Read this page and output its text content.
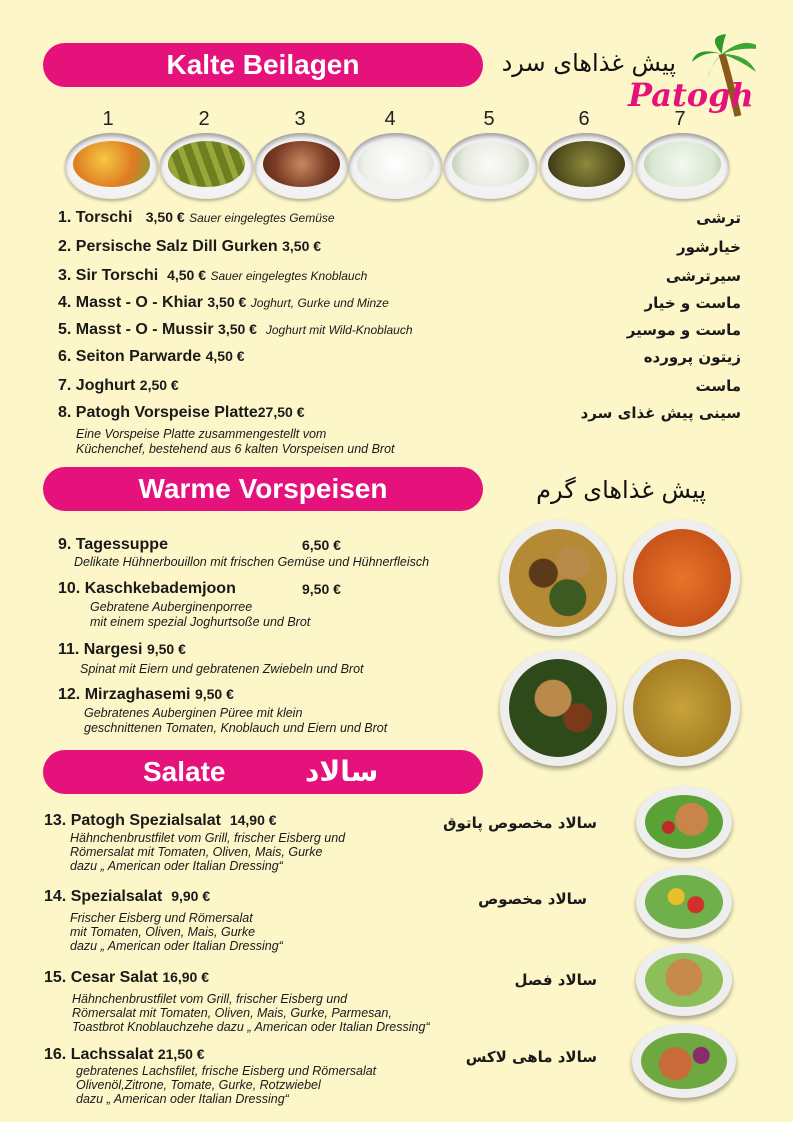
Kalte Beilagen	پیش غذاهای سرد
Patogh
1	2	3	4	5	6	7
1. Torschi 3,50 € Sauer eingelegtes Gemüse	ترشی
2. Persische Salz Dill Gurken 3,50 €	خیارشور
3. Sir Torschi 4,50 € Sauer eingelegtes Knoblauch	سیرترشی
4. Masst - O - Khiar 3,50 € Joghurt, Gurke und Minze	ماست و خیار
5. Masst - O - Mussir 3,50 € Joghurt mit Wild-Knoblauch	ماست و موسیر
6. Seiton Parwarde 4,50 €	زیتون پرورده
7. Joghurt 2,50 €	ماست
8. Patogh Vorspeise Platte27,50 €	سینی پیش غذای سرد
Eine Vorspeise Platte zusammengestellt vom
Küchenchef, bestehend aus 6 kalten Vorspeisen und Brot
Warme Vorspeisen	پیش غذاهای گرم
9. Tagessuppe	6,50 €
Delikate Hühnerbouillon mit frischen Gemüse und Hühnerfleisch
10. Kaschkebademjoon	9,50 €
Gebratene Auberginenporree
mit einem spezial Joghurtsoße und Brot
11. Nargesi 9,50 €
Spinat mit Eiern und gebratenen Zwiebeln und Brot
12. Mirzaghasemi 9,50 €
Gebratenes Auberginen Püree mit klein
geschnittenen Tomaten, Knoblauch und Eiern und Brot
Salate	سالاد
13. Patogh Spezialsalat 14,90 €	سالاد مخصوص پاتوق
Hähnchenbrustfilet vom Grill, frischer Eisberg und
Römersalat mit Tomaten, Oliven, Mais, Gurke
dazu „ American oder Italian Dressing“
14. Spezialsalat 9,90 €	سالاد مخصوص
Frischer Eisberg und Römersalat
mit Tomaten, Oliven, Mais, Gurke
dazu „ American oder Italian Dressing“
15. Cesar Salat 16,90 €	سالاد فصل
Hähnchenbrustfilet vom Grill, frischer Eisberg und
Römersalat mit Tomaten, Oliven, Mais, Gurke, Parmesan,
Toastbrot Knoblauchzehe dazu „ American oder Italian Dressing“
16. Lachssalat 21,50 €	سالاد ماهی لاکس
gebratenes Lachsfilet, frische Eisberg und Römersalat
Olivenöl,Zitrone, Tomate, Gurke, Rotzwiebel
dazu „ American oder Italian Dressing“
